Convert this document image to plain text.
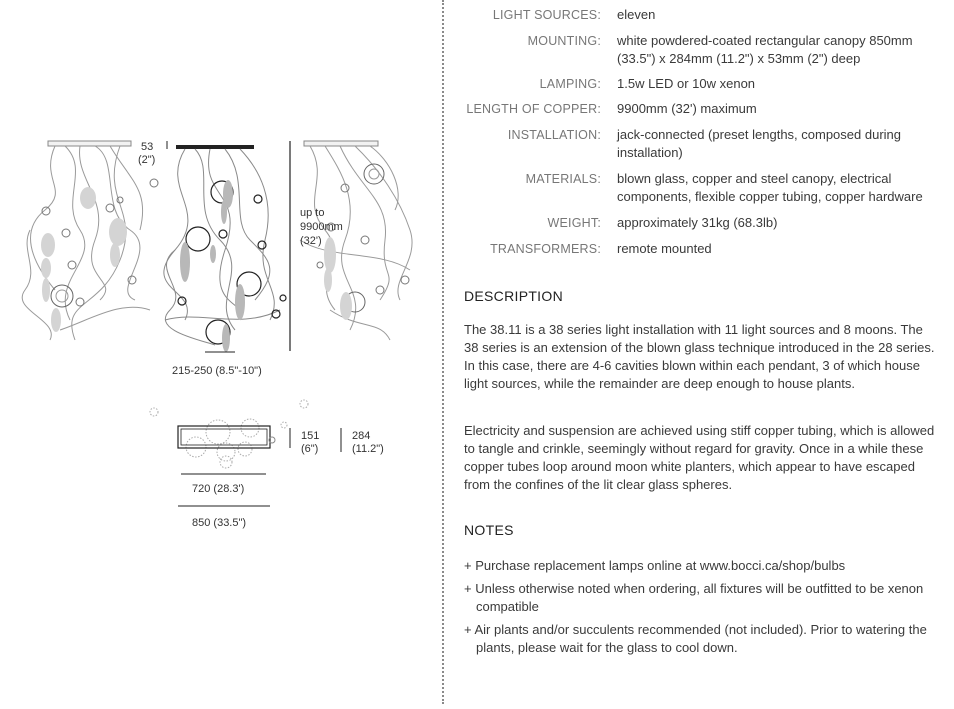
up to
9900mm
(32')
53
(2")
215-250 (8.5"-10")
151
(6")
284
(11.2")
720 (28.3')
850 (33.5")
LIGHT SOURCES: eleven
MOUNTING: white powdered-coated rectangular canopy 850mm (33.5") x 284mm (11.2") x 53mm (2") deep
LAMPING: 1.5w LED or 10w xenon
LENGTH OF COPPER: 9900mm (32') maximum
INSTALLATION: jack-connected (preset lengths, composed during installation)
MATERIALS: blown glass, copper and steel canopy, electrical components, flexible copper tubing, copper hardware
WEIGHT: approximately 31kg (68.3lb)
TRANSFORMERS: remote mounted
DESCRIPTION
The 38.11 is a 38 series light installation with 11 light sources and 8 moons. The 38 series is an extension of the blown glass technique introduced in the 28 series. In this case, there are 4-6 cavities blown within each pendant, 3 of which house light sources, while the remainder are deep enough to house plants.
Electricity and suspension are achieved using stiff copper tubing, which is allowed to tangle and crinkle, seemingly without regard for gravity. Once in a while these copper tubes loop around moon white planters, which appear to have escaped from the confines of the lit clear glass spheres.
NOTES
+ Purchase replacement lamps online at www.bocci.ca/shop/bulbs
+ Unless otherwise noted when ordering, all fixtures will be outfitted to be xenon compatible
+ Air plants and/or succulents recommended (not included). Prior to watering the plants, please wait for the glass to cool down.
